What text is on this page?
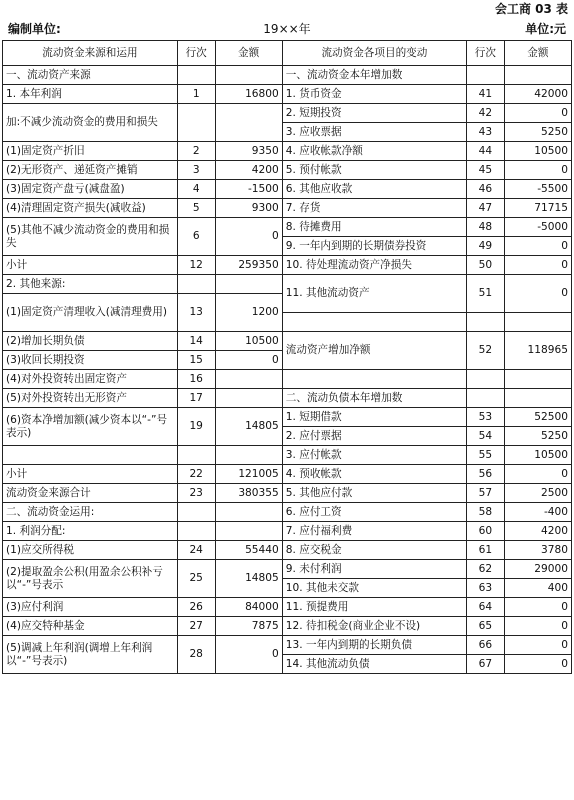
会工商 03 表
编制单位:	19××年	单位:元
流动资金来源和运用	行次	金额	流动资金各项目的变动	行次	金额
一、流动资产来源			一、流动资金本年增加数		
1. 本年利润	1	16800	1. 货币资金	41	42000
加:不减少流动资金的费用和损失			2. 短期投资	42	0
			3. 应收票据	43	5250
(1)固定资产折旧	2	9350	4. 应收帐款净额	44	10500
(2)无形资产、递延资产摊销	3	4200	5. 预付帐款	45	0
(3)固定资产盘亏(减盘盈)	4	-1500	6. 其他应收款	46	-5500
(4)清理固定资产损失(减收益)	5	9300	7. 存货	47	71715
(5)其他不减少流动资金的费用和损失	6	0	8. 待摊费用	48	-5000
			9. 一年内到期的长期债券投资	49	0
小计	12	259350	10. 待处理流动资产净损失	50	0
2. 其他来源:			11. 其他流动资产	51	0
(1)固定资产清理收入(减清理费用)	13	1200			

(2)增加长期负债	14	10500	流动资产增加净额	52	118965
(3)收回长期投资	15	0			
(4)对外投资转出固定资产	16				
(5)对外投资转出无形资产	17		二、流动负债本年增加数		
(6)资本净增加额(减少资本以“-”号表示)	19	14805	1. 短期借款	53	52500
			2. 应付票据	54	5250
			3. 应付帐款	55	10500
小计	22	121005	4. 预收帐款	56	0
流动资金来源合计	23	380355	5. 其他应付款	57	2500
二、流动资金运用:			6. 应付工资	58	-400
1. 利润分配:			7. 应付福利费	60	4200
(1)应交所得税	24	55440	8. 应交税金	61	3780
(2)提取盈余公积(用盈余公积补亏以“-”号表示	25	14805	9. 未付利润	62	29000
			10. 其他未交款	63	400
(3)应付利润	26	84000	11. 预提费用	64	0
(4)应交特种基金	27	7875	12. 待扣税金(商业企业不设)	65	0
(5)调减上年利润(调增上年利润以“-”号表示)	28	0	13. 一年内到期的长期负债	66	0
			14. 其他流动负债	67	0
